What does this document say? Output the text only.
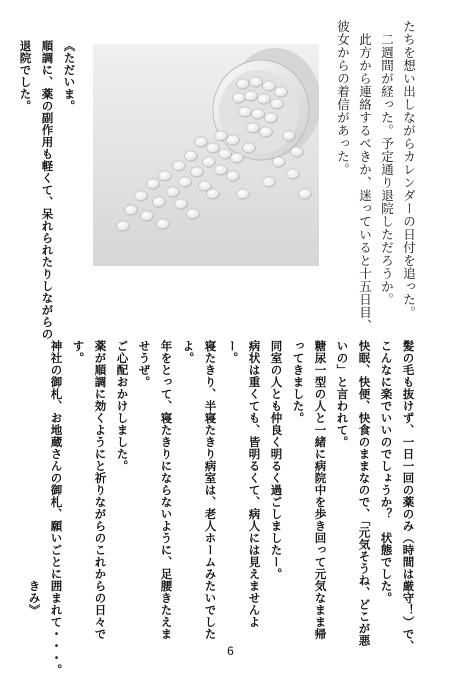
たちを想い出しながらカレンダーの日付を追った。
　二週間が経った。予定通り退院しただろうか。
　此方から連絡するべきか、迷っていると十五日目、
彼女からの着信があった。
《ただいま。
順調に、薬の副作用も軽くて、呆れられたりしながらの
退院でした。
髪の毛も抜けず、一日一回の薬のみ（時間は厳守！）で、
こんなに楽でいいのでしょうか？　状態でした。
快眠、快便、快食のままなので、「元気そうね、どこが悪
いの」と言われて。
糖尿一型の人と一緒に病院中を歩き回って元気なまま帰
ってきました。
同室の人とも仲良く明るく過ごしましたー。
病状は重くても、皆明るくて、病人には見えませんよ
ー。
寝たきり、半寝たきり病室は、老人ホームみたいでした
よ。
年をとって、寝たきりにならないように、足腰きたえま
せうぜ。
ご心配おかけしました。
薬が順調に効くようにと祈りながらのこれからの日々で
す。
神社の御札、お地蔵さんの御札、願いごとに囲まれて・・・。
きみ》
6
